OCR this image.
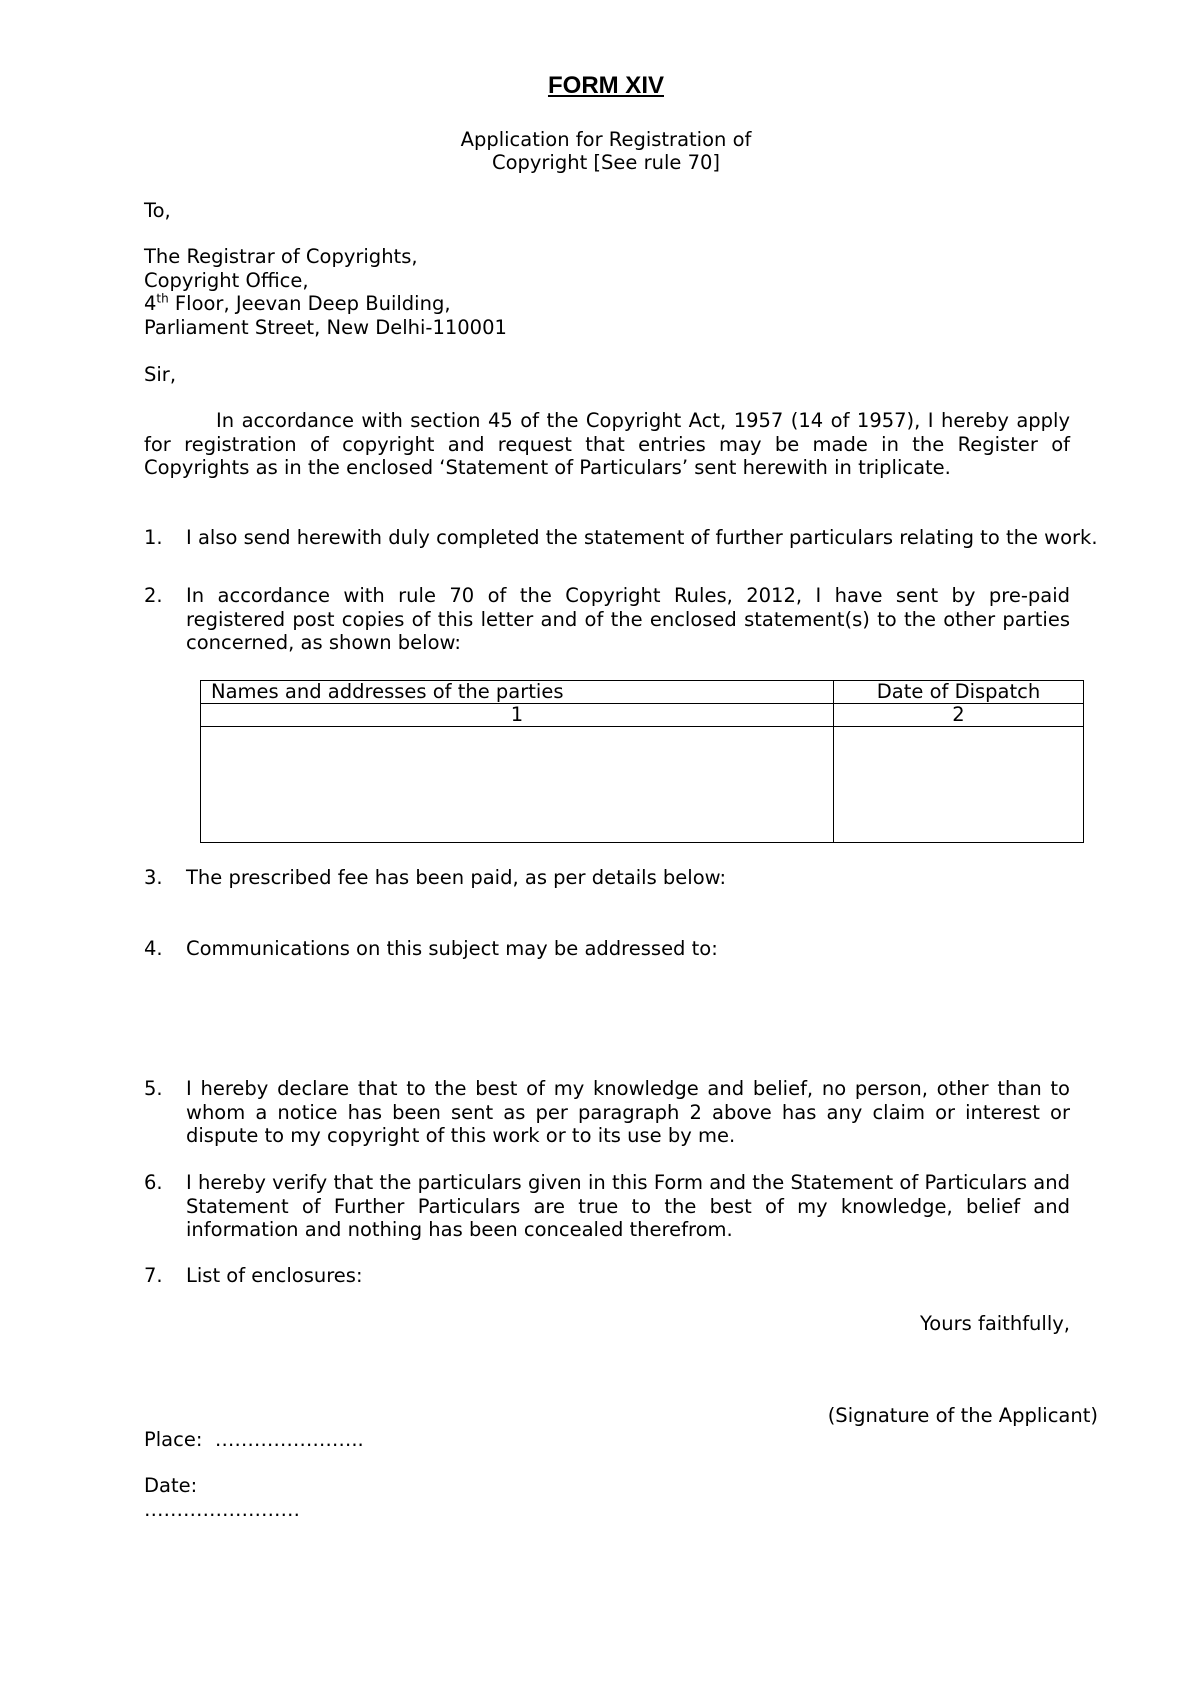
FORM XIV

Application for Registration of

Copyright [See rule 70]

To,

The Registrar of Copyrights,

Copyright Office,

4th Floor, Jeevan Deep Building,

Parliament Street, New Delhi-110001

Sir,

In accordance with section 45 of the Copyright Act, 1957 (14 of 1957), I hereby apply for registration of copyright and request that entries may be made in the Register of Copyrights as in the enclosed ‘Statement of Particulars’ sent herewith in triplicate.

1. I also send herewith duly completed the statement of further particulars relating to the work.

2. In accordance with rule 70 of the Copyright Rules, 2012, I have sent by pre-paid registered post copies of this letter and of the enclosed statement(s) to the other parties concerned, as shown below:

Names and addresses of the parties	Date of Dispatch
1	2

3. The prescribed fee has been paid, as per details below:

4. Communications on this subject may be addressed to:

5. I hereby declare that to the best of my knowledge and belief, no person, other than to whom a notice has been sent as per paragraph 2 above has any claim or interest or dispute to my copyright of this work or to its use by me.

6. I hereby verify that the particulars given in this Form and the Statement of Particulars and Statement of Further Particulars are true to the best of my knowledge, belief and information and nothing has been concealed therefrom.

7. List of enclosures:

Yours faithfully,

(Signature of the Applicant)

Place: …………………..

Date:

……………………
